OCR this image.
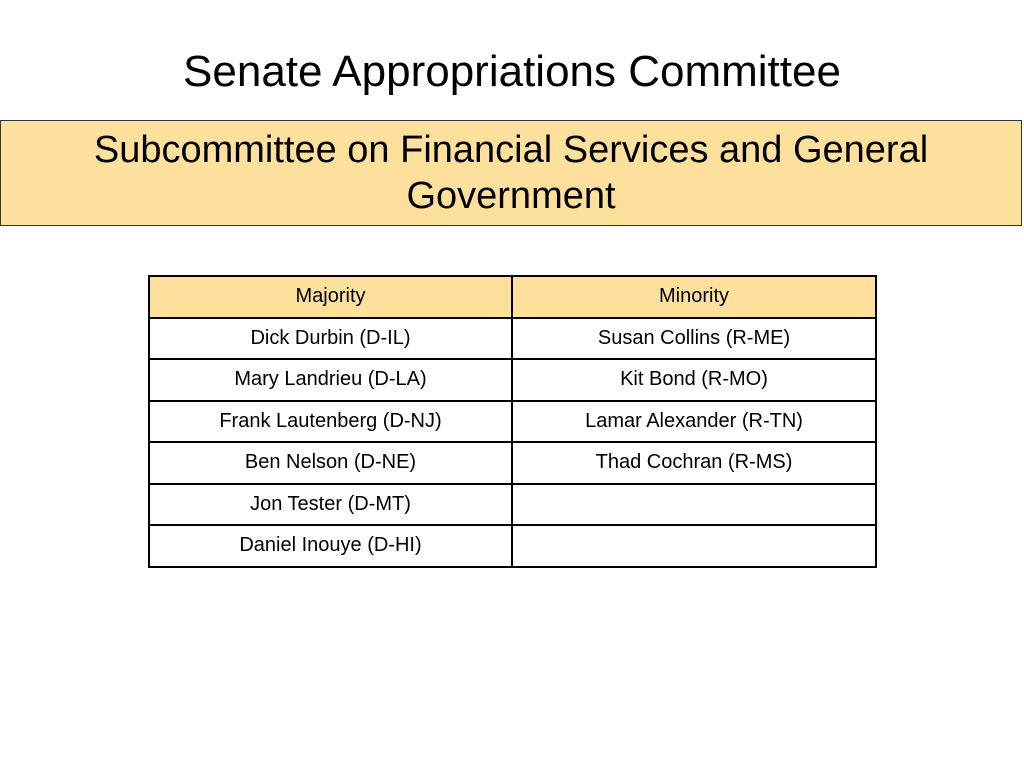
Senate Appropriations Committee
Subcommittee on Financial Services and General Government
Majority	Minority
Dick Durbin (D-IL)	Susan Collins (R-ME)
Mary Landrieu (D-LA)	Kit Bond (R-MO)
Frank Lautenberg (D-NJ)	Lamar Alexander (R-TN)
Ben Nelson (D-NE)	Thad Cochran (R-MS)
Jon Tester (D-MT)	
Daniel Inouye (D-HI)	
